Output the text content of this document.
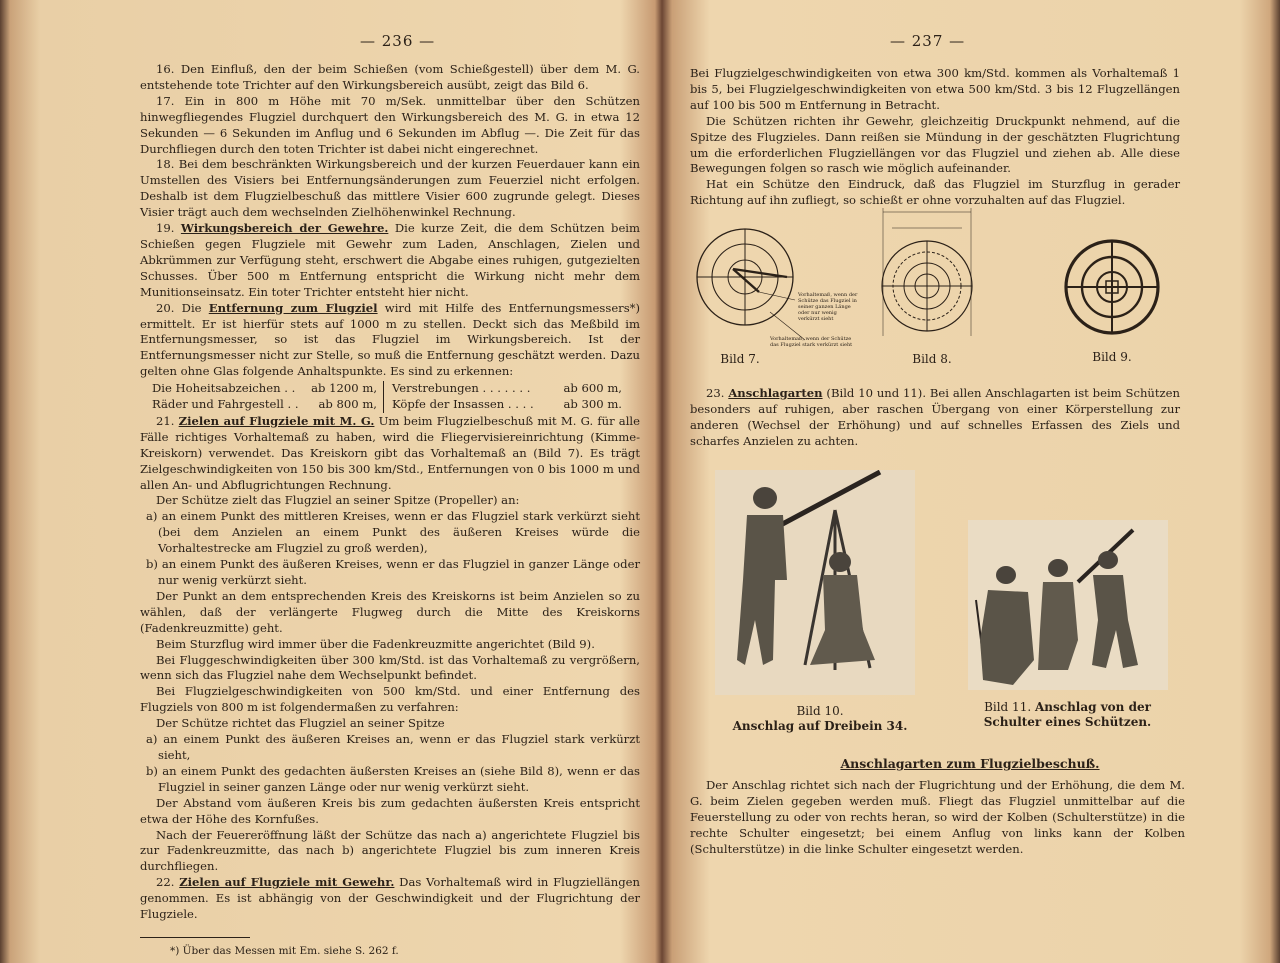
— 236 —

16. Den Einfluß, den der beim Schießen (vom Schießgestell) über dem M. G. entstehende tote Trichter auf den Wirkungsbereich ausübt, zeigt das Bild 6.

17. Ein in 800 m Höhe mit 70 m/Sek. unmittelbar über den Schützen hinwegfliegendes Flugziel durchquert den Wirkungsbereich des M. G. in etwa 12 Sekunden — 6 Sekunden im Anflug und 6 Sekunden im Abflug —. Die Zeit für das Durchfliegen durch den toten Trichter ist dabei nicht eingerechnet.

18. Bei dem beschränkten Wirkungsbereich und der kurzen Feuerdauer kann ein Umstellen des Visiers bei Entfernungsänderungen zum Feuerziel nicht erfolgen. Deshalb ist dem Flugzielbeschuß das mittlere Visier 600 zugrunde gelegt. Dieses Visier trägt auch dem wechselnden Zielhöhenwinkel Rechnung.

19. Wirkungsbereich der Gewehre. Die kurze Zeit, die dem Schützen beim Schießen gegen Flugziele mit Gewehr zum Laden, Anschlagen, Zielen und Abkrümmen zur Verfügung steht, erschwert die Abgabe eines ruhigen, gutgezielten Schusses. Über 500 m Entfernung entspricht die Wirkung nicht mehr dem Munitionseinsatz. Ein toter Trichter entsteht hier nicht.

20. Die Entfernung zum Flugziel wird mit Hilfe des Entfernungsmessers*) ermittelt. Er ist hierfür stets auf 1000 m zu stellen. Deckt sich das Meßbild im Entfernungsmesser, so ist das Flugziel im Wirkungsbereich. Ist der Entfernungsmesser nicht zur Stelle, so muß die Entfernung geschätzt werden. Dazu gelten ohne Glas folgende Anhaltspunkte. Es sind zu erkennen:

Die Hoheitsabzeichen . . ab 1200 m,
Räder und Fahrgestell . . ab 800 m,
Verstrebungen . . . . . . .	ab 600 m,
Köpfe der Insassen . . . .	ab 300 m.

21. Zielen auf Flugziele mit M. G. Um beim Flugzielbeschuß mit M. G. für alle Fälle richtiges Vorhaltemaß zu haben, wird die Fliegervisiereinrichtung (Kimme-Kreiskorn) verwendet. Das Kreiskorn gibt das Vorhaltemaß an (Bild 7). Es trägt Zielgeschwindigkeiten von 150 bis 300 km/Std., Entfernungen von 0 bis 1000 m und allen An- und Abflugrichtungen Rechnung.

Der Schütze zielt das Flugziel an seiner Spitze (Propeller) an:

a) an einem Punkt des mittleren Kreises, wenn er das Flugziel stark verkürzt sieht (bei dem Anzielen an einem Punkt des äußeren Kreises würde die Vorhaltestrecke am Flugziel zu groß werden),

b) an einem Punkt des äußeren Kreises, wenn er das Flugziel in ganzer Länge oder nur wenig verkürzt sieht.

Der Punkt an dem entsprechenden Kreis des Kreiskorns ist beim Anzielen so zu wählen, daß der verlängerte Flugweg durch die Mitte des Kreiskorns (Fadenkreuzmitte) geht.

Beim Sturzflug wird immer über die Fadenkreuzmitte angerichtet (Bild 9).

Bei Fluggeschwindigkeiten über 300 km/Std. ist das Vorhaltemaß zu vergrößern, wenn sich das Flugziel nahe dem Wechselpunkt befindet.

Bei Flugzielgeschwindigkeiten von 500 km/Std. und einer Entfernung des Flugziels von 800 m ist folgendermaßen zu verfahren:

Der Schütze richtet das Flugziel an seiner Spitze

a) an einem Punkt des äußeren Kreises an, wenn er das Flugziel stark verkürzt sieht,

b) an einem Punkt des gedachten äußersten Kreises an (siehe Bild 8), wenn er das Flugziel in seiner ganzen Länge oder nur wenig verkürzt sieht.

Der Abstand vom äußeren Kreis bis zum gedachten äußersten Kreis entspricht etwa der Höhe des Kornfußes.

Nach der Feuereröffnung läßt der Schütze das nach a) angerichtete Flugziel bis zur Fadenkreuzmitte, das nach b) angerichtete Flugziel bis zum inneren Kreis durchfliegen.

22. Zielen auf Flugziele mit Gewehr. Das Vorhaltemaß wird in Flugziellängen genommen. Es ist abhängig von der Geschwindigkeit und der Flugrichtung der Flugziele.

*) Über das Messen mit Em. siehe S. 262 f.
— 237 —

Bei Flugzielgeschwindigkeiten von etwa 300 km/Std. kommen als Vorhaltemaß 1 bis 5, bei Flugzielgeschwindigkeiten von etwa 500 km/Std. 3 bis 12 Flugzellängen auf 100 bis 500 m Entfernung in Betracht.

Die Schützen richten ihr Gewehr, gleichzeitig Druckpunkt nehmend, auf die Spitze des Flugzieles. Dann reißen sie Mündung in der geschätzten Flugrichtung um die erforderlichen Flugziellängen vor das Flugziel und ziehen ab. Alle diese Bewegungen folgen so rasch wie möglich aufeinander.

Hat ein Schütze den Eindruck, daß das Flugziel im Sturzflug in gerader Richtung auf ihn zufliegt, so schießt er ohne vorzuhalten auf das Flugziel.

Vorhaltemaß, wenn der Schütze das Flugziel in seiner ganzen Länge oder nur wenig verkürzt sieht
Vorhaltemaß, wenn der Schütze das Flugziel stark verkürzt sieht
Bild 7.	Bild 8.	Bild 9.

23. Anschlagarten (Bild 10 und 11). Bei allen Anschlagarten ist beim Schützen besonders auf ruhigen, aber raschen Übergang von einer Körperstellung zur anderen (Wechsel der Erhöhung) und auf schnelles Erfassen des Ziels und scharfes Anzielen zu achten.

Bild 10.
Anschlag auf Dreibein 34.
Bild 11. Anschlag von der
Schulter eines Schützen.
Anschlagarten zum Flugzielbeschuß.

Der Anschlag richtet sich nach der Flugrichtung und der Erhöhung, die dem M. G. beim Zielen gegeben werden muß. Fliegt das Flugziel unmittelbar auf die Feuerstellung zu oder von rechts heran, so wird der Kolben (Schulterstütze) in die rechte Schulter eingesetzt; bei einem Anflug von links kann der Kolben (Schulterstütze) in die linke Schulter eingesetzt werden.
